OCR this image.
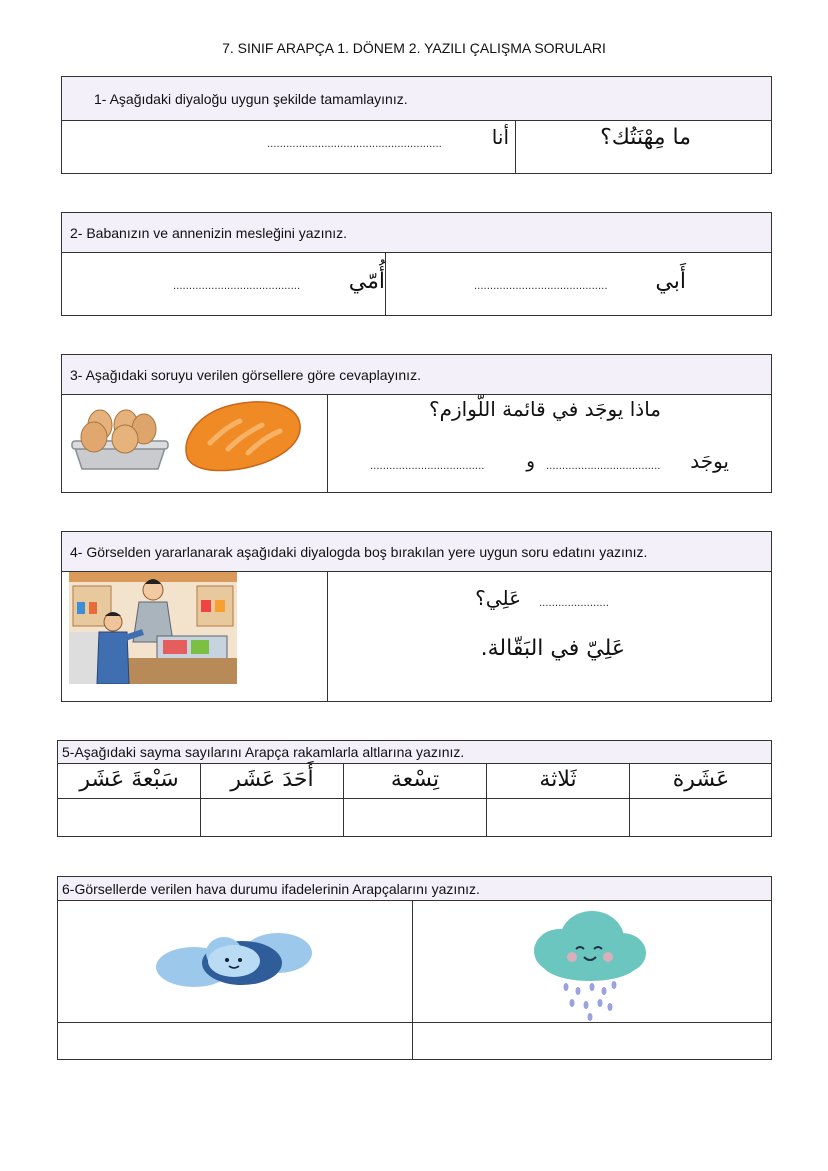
7. SINIF ARAPÇA 1. DÖNEM 2. YAZILI ÇALIŞMA SORULARI
1- Aşağıdaki diyaloğu uygun şekilde tamamlayınız.
ما مِهْنَتُك؟
أنا
.......................................................
2- Babanızın ve annenizin mesleğini yazınız.
أَبي
..........................................
أُمّي
........................................
3- Aşağıdaki soruyu verilen görsellere göre cevaplayınız.
ماذا يوجَد في قائمة اللّوازم؟
يوجَد
....................................
و
....................................
4- Görselden yararlanarak aşağıdaki diyalogda boş bırakılan yere uygun soru edatını yazınız.
عَلِي؟ ......................
عَلِيّ في البَقّالة.
5-Aşağıdaki sayma sayılarını Arapça rakamlarla altlarına yazınız.
سَبْعةَ عَشَر	أَحَدَ عَشَر	تِسْعة	ثَلاثة	عَشَرة
6-Görsellerde verilen hava durumu ifadelerinin Arapçalarını yazınız.
